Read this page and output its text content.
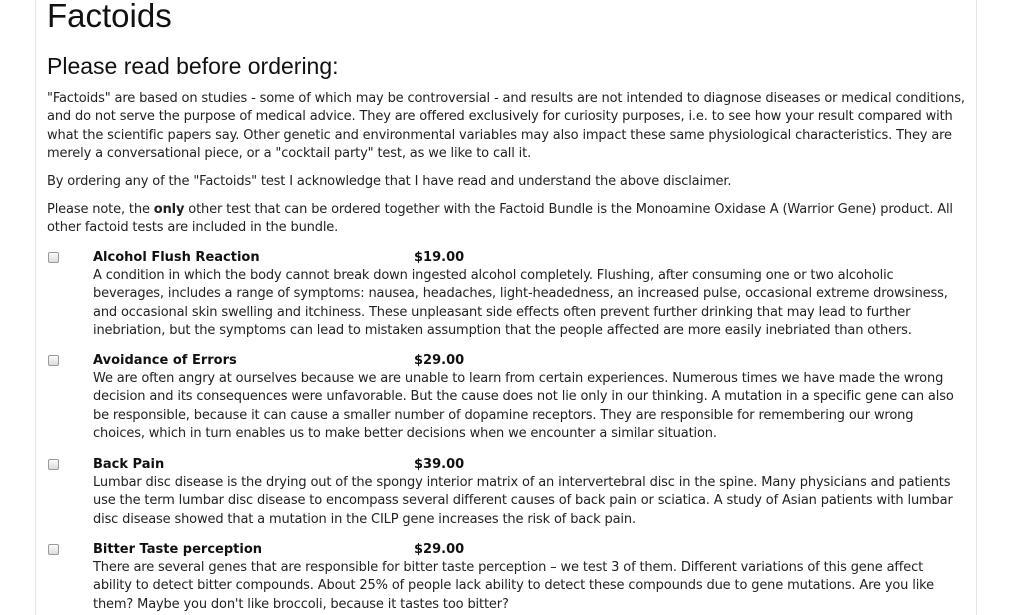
Factoids
Please read before ordering:

"Factoids" are based on studies - some of which may be controversial - and results are not intended to diagnose diseases or medical conditions, and do not serve the purpose of medical advice. They are offered exclusively for curiosity purposes, i.e. to see how your result compared with what the scientific papers say. Other genetic and environmental variables may also impact these same physiological characteristics. They are merely a conversational piece, or a "cocktail party" test, as we like to call it.

By ordering any of the "Factoids" test I acknowledge that I have read and understand the above disclaimer.

Please note, the only other test that can be ordered together with the Factoid Bundle is the Monoamine Oxidase A (Warrior Gene) product. All other factoid tests are included in the bundle.

Alcohol Flush Reaction	$19.00

A condition in which the body cannot break down ingested alcohol completely. Flushing, after consuming one or two alcoholic beverages, includes a range of symptoms: nausea, headaches, light-headedness, an increased pulse, occasional extreme drowsiness, and occasional skin swelling and itchiness. These unpleasant side effects often prevent further drinking that may lead to further inebriation, but the symptoms can lead to mistaken assumption that the people affected are more easily inebriated than others.

Avoidance of Errors	$29.00

We are often angry at ourselves because we are unable to learn from certain experiences. Numerous times we have made the wrong decision and its consequences were unfavorable. But the cause does not lie only in our thinking. A mutation in a specific gene can also be responsible, because it can cause a smaller number of dopamine receptors. They are responsible for remembering our wrong choices, which in turn enables us to make better decisions when we encounter a similar situation.

Back Pain	$39.00

Lumbar disc disease is the drying out of the spongy interior matrix of an intervertebral disc in the spine. Many physicians and patients use the term lumbar disc disease to encompass several different causes of back pain or sciatica. A study of Asian patients with lumbar disc disease showed that a mutation in the CILP gene increases the risk of back pain.

Bitter Taste perception	$29.00

There are several genes that are responsible for bitter taste perception – we test 3 of them. Different variations of this gene affect ability to detect bitter compounds. About 25% of people lack ability to detect these compounds due to gene mutations. Are you like them? Maybe you don't like broccoli, because it tastes too bitter?
